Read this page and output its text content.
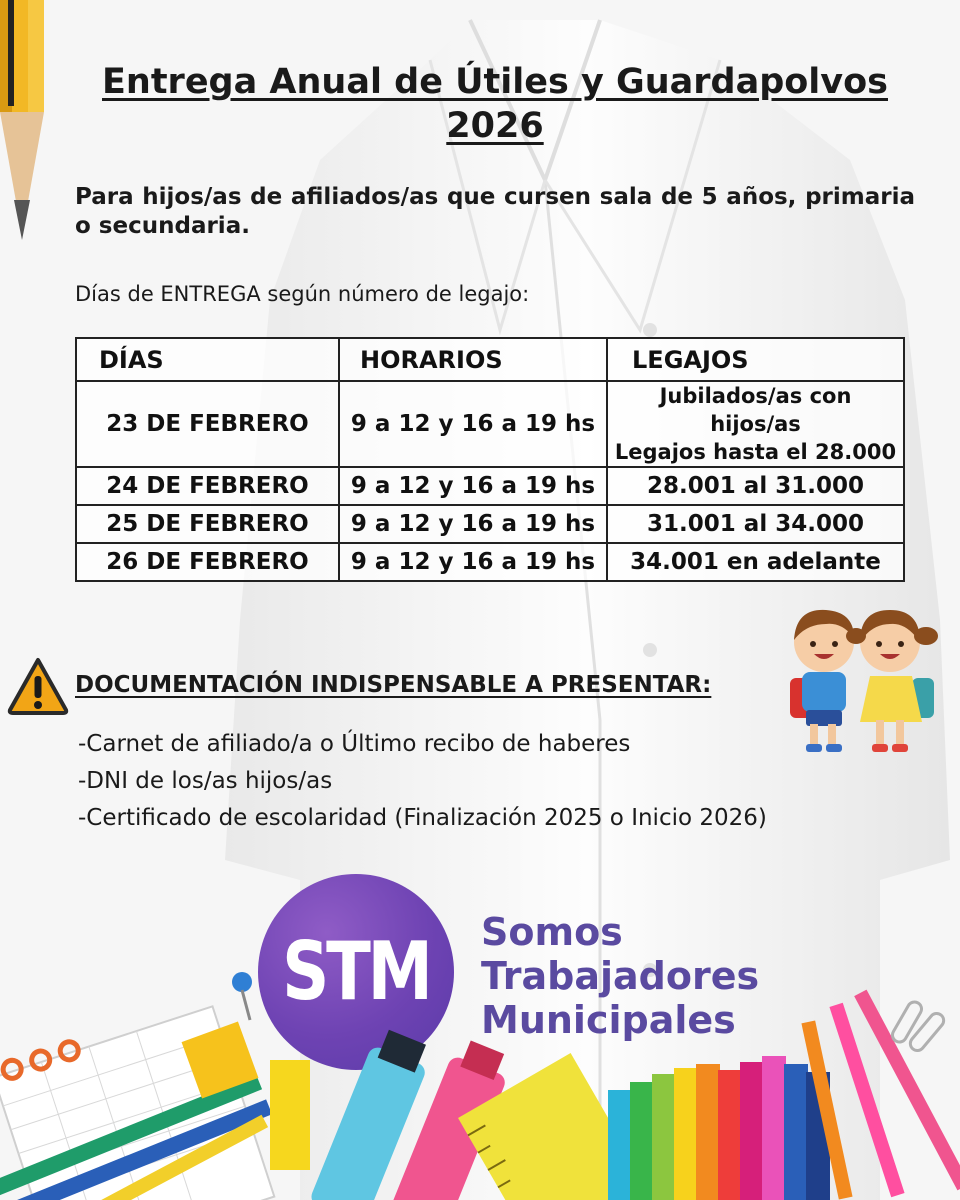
Entrega Anual de Útiles y Guardapolvos
2026

Para hijos/as de afiliados/as que cursen sala de 5 años, primaria o secundaria.

Días de ENTREGA según número de legajo:

DÍAS	HORARIOS	LEGAJOS
23 DE FEBRERO	9 a 12 y 16 a 19 hs	Jubilados/as con hijos/as
Legajos hasta el 28.000

24 DE FEBRERO	9 a 12 y 16 a 19 hs	28.001 al 31.000
25 DE FEBRERO	9 a 12 y 16 a 19 hs	31.001 al 34.000
26 DE FEBRERO	9 a 12 y 16 a 19 hs	34.001 en adelante

DOCUMENTACIÓN INDISPENSABLE A PRESENTAR:

-Carnet de afiliado/a o Último recibo de haberes
-DNI de los/as hijos/as
-Certificado de escolaridad (Finalización 2025 o Inicio 2026)
STM Somos
Trabajadores
Municipales
